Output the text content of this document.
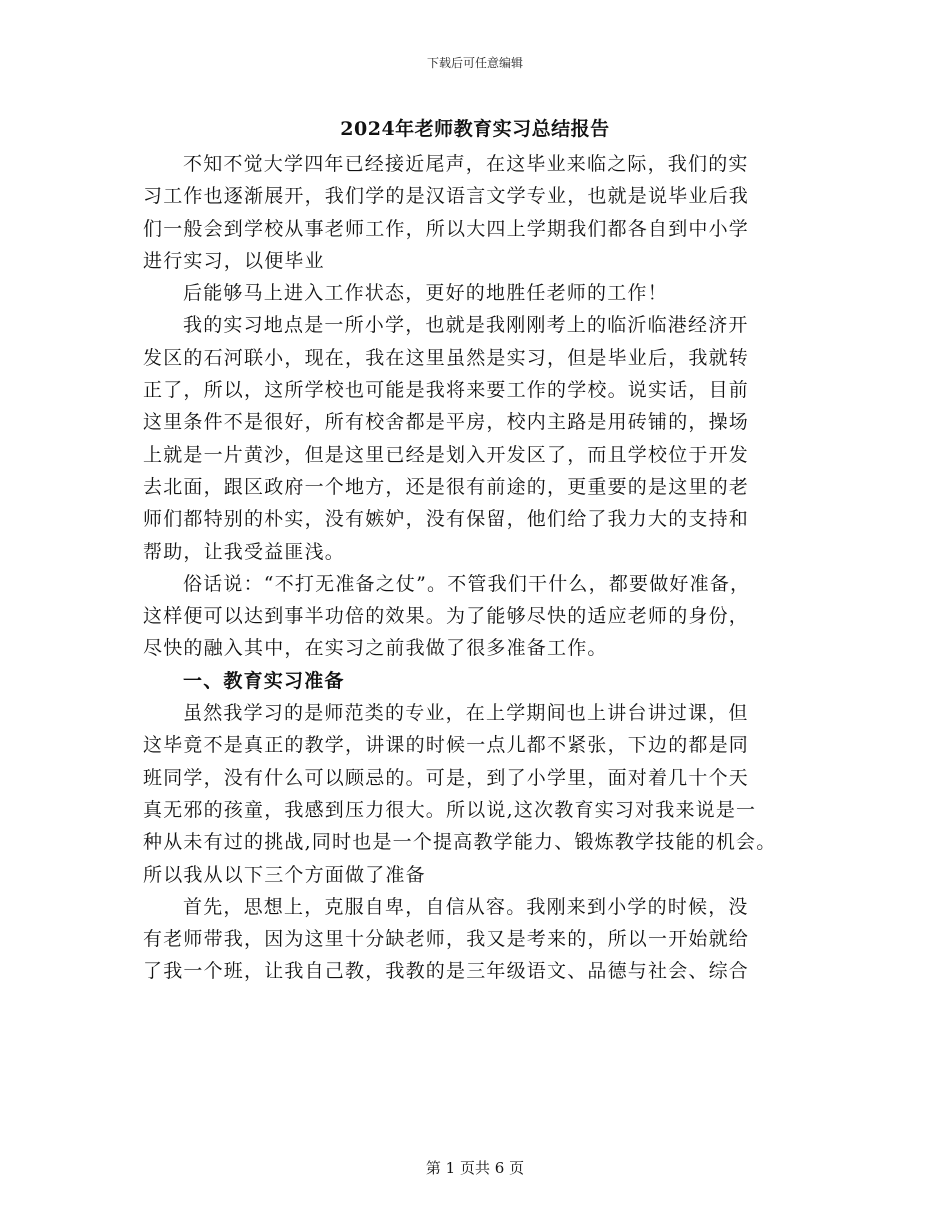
下载后可任意编辑
2024年老师教育实习总结报告
不知不觉大学四年已经接近尾声，在这毕业来临之际，我们的实
习工作也逐渐展开，我们学的是汉语言文学专业，也就是说毕业后我
们一般会到学校从事老师工作，所以大四上学期我们都各自到中小学
进行实习，以便毕业
后能够马上进入工作状态，更好的地胜任老师的工作！
我的实习地点是一所小学，也就是我刚刚考上的临沂临港经济开
发区的石河联小，现在，我在这里虽然是实习，但是毕业后，我就转
正了，所以，这所学校也可能是我将来要工作的学校。说实话，目前
这里条件不是很好，所有校舍都是平房，校内主路是用砖铺的，操场
上就是一片黄沙，但是这里已经是划入开发区了，而且学校位于开发
去北面，跟区政府一个地方，还是很有前途的，更重要的是这里的老
师们都特别的朴实，没有嫉妒，没有保留，他们给了我力大的支持和
帮助，让我受益匪浅。
俗话说：“不打无准备之仗”。不管我们干什么，都要做好准备，
这样便可以达到事半功倍的效果。为了能够尽快的适应老师的身份，
尽快的融入其中，在实习之前我做了很多准备工作。
一、教育实习准备
虽然我学习的是师范类的专业，在上学期间也上讲台讲过课，但
这毕竟不是真正的教学，讲课的时候一点儿都不紧张，下边的都是同
班同学，没有什么可以顾忌的。可是，到了小学里，面对着几十个天
真无邪的孩童，我感到压力很大。所以说,这次教育实习对我来说是一
种从未有过的挑战,同时也是一个提高教学能力、锻炼教学技能的机会。
所以我从以下三个方面做了准备
首先，思想上，克服自卑，自信从容。我刚来到小学的时候，没
有老师带我，因为这里十分缺老师，我又是考来的，所以一开始就给
了我一个班，让我自己教，我教的是三年级语文、品德与社会、综合
第 1 页共 6 页
